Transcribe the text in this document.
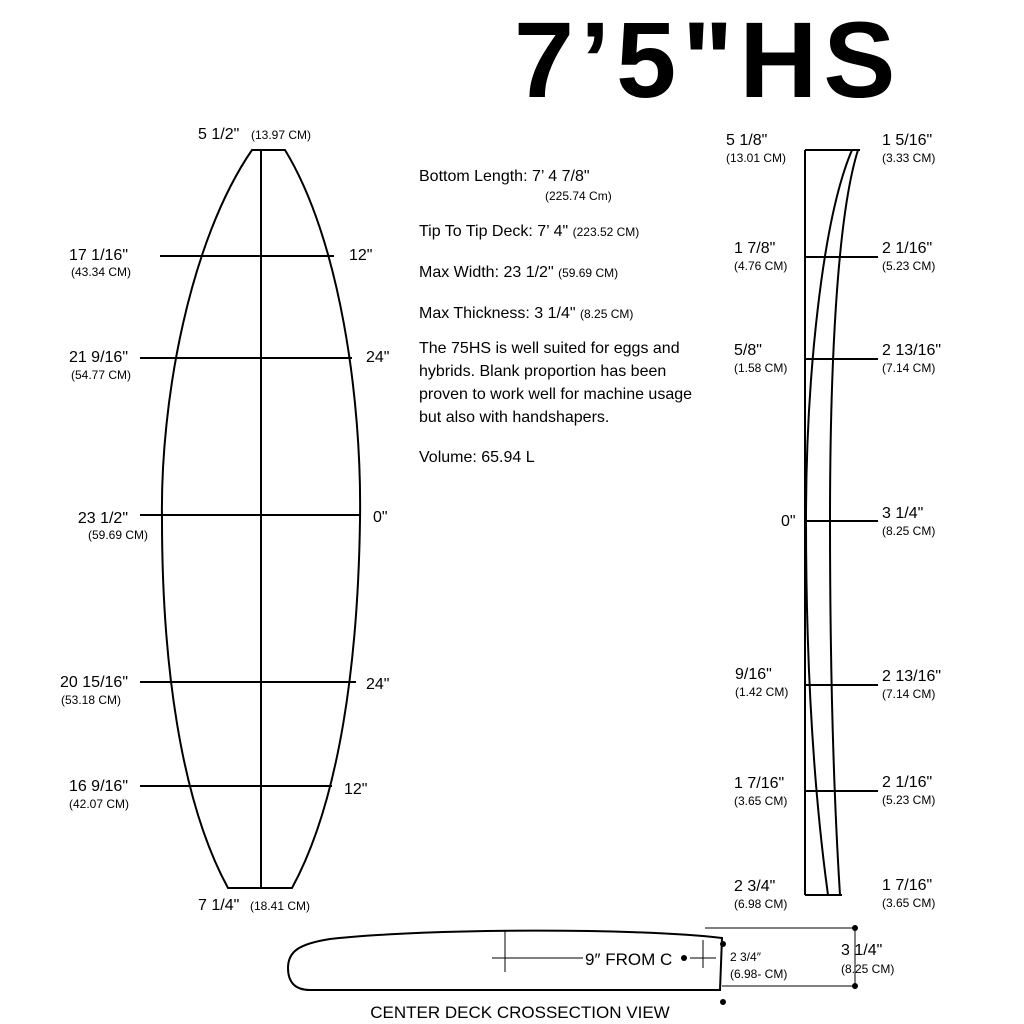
7’5"HS
Bottom Length: 7’ 4 7/8"
(225.74 Cm)
Tip To Tip Deck: 7’ 4" (223.52 CM)
Max Width: 23 1/2" (59.69 CM)
Max Thickness: 3 1/4" (8.25 CM)
The 75HS is well suited for eggs and hybrids. Blank proportion has been proven to work well for machine usage but also with handshapers.
Volume: 65.94 L
5 1/2" (13.97 CM)
17 1/16"
(43.34 CM)
12"
21 9/16"
(54.77 CM)
24"
23 1/2"
(59.69 CM)
0"
20 15/16"
(53.18 CM)
24"
16 9/16"
(42.07 CM)
12"
7 1/4" (18.41 CM)
5 1/8"
(13.01 CM)
1 7/8"
(4.76 CM)
5/8"
(1.58 CM)
0"
9/16"
(1.42 CM)
1 7/16"
(3.65 CM)
2 3/4"
(6.98 CM)
1 5/16"
(3.33 CM)
2 1/16"
(5.23 CM)
2 13/16"
(7.14 CM)
3 1/4"
(8.25 CM)
2 13/16"
(7.14 CM)
2 1/16"
(5.23 CM)
1 7/16"
(3.65 CM)
9″ FROM C	2 3/4″
(6.98- CM)
3 1/4"
(8.25 CM)
CENTER DECK CROSSECTION VIEW
